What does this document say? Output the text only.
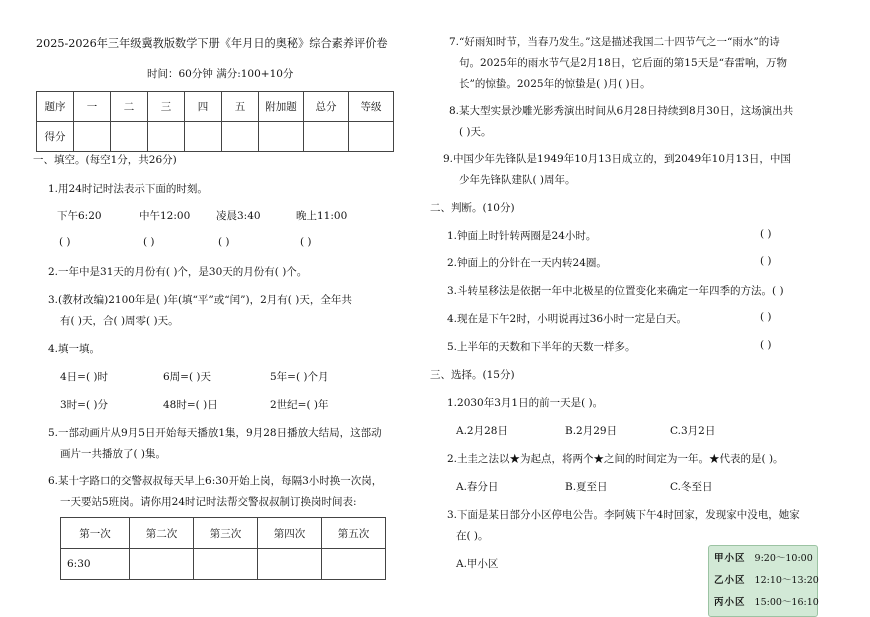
2025-2026年三年级冀教版数学下册《年月日的奥秘》综合素养评价卷
时间：60分钟 满分:100+10分
题序	一	二	三	四	五	附加题	总分	等级
得分								
一、填空。(每空1分，共26分)
1.用24时记时法表示下面的时刻。
下午6:20	中午12:00 凌晨3:40	晚上11:00
( )	( )	( )	( )
2.一年中是31天的月份有( )个，是30天的月份有( )个。
3.(教材改编)2100年是( )年(填“平”或“闰”)，2月有( )天，全年共
有( )天，合( )周零( )天。
4.填一填。
4日=( )时	6周=( )天	5年=( )个月
3时=( )分	48时=( )日	2世纪=( )年
5.一部动画片从9月5日开始每天播放1集，9月28日播放大结局，这部动
画片一共播放了( )集。
6.某十字路口的交警叔叔每天早上6:30开始上岗，每隔3小时换一次岗，
一天要站5班岗。请你用24时记时法帮交警叔叔制订换岗时间表:
第一次	第二次	第三次	第四次	第五次
6:30				
7.“好雨知时节，当春乃发生。”这是描述我国二十四节气之一“雨水”的诗
句。2025年的雨水节气是2月18日，它后面的第15天是“春雷响，万物
长”的惊蛰。2025年的惊蛰是( )月( )日。
8.某大型实景沙雕光影秀演出时间从6月28日持续到8月30日，这场演出共
( )天。
9.中国少年先锋队是1949年10月13日成立的，到2049年10月13日，中国
少年先锋队建队( )周年。
二、判断。(10分)
1.钟面上时针转两圈是24小时。	( )
2.钟面上的分针在一天内转24圈。	( )
3.斗转星移法是依据一年中北极星的位置变化来确定一年四季的方法。( )
4.现在是下午2时，小明说再过36小时一定是白天。	( )
5.上半年的天数和下半年的天数一样多。	( )
三、选择。(15分)
1.2030年3月1日的前一天是( )。
A.2月28日	B.2月29日	C.3月2日
2.土圭之法以★为起点，将两个★之间的时间定为一年。★代表的是( )。
A.春分日	B.夏至日	C.冬至日
3.下面是某日部分小区停电公告。李阿姨下午4时回家，发现家中没电，她家
在( )。
A.甲小区	甲小区 9:20～10:00
乙小区 12:10～13:20
丙小区 15:00～16:10
